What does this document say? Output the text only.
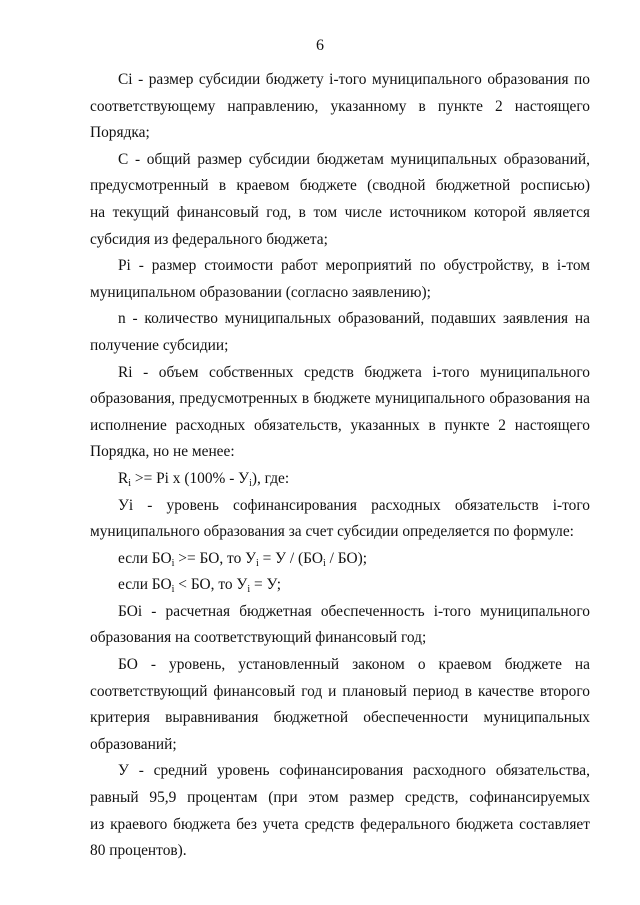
6
Ci - размер субсидии бюджету i-того муниципального образования по
соответствующему направлению, указанному в пункте 2 настоящего
Порядка;
С - общий размер субсидии бюджетам муниципальных образований,
предусмотренный в краевом бюджете (сводной бюджетной росписью)
на текущий финансовый год, в том числе источником которой является
субсидия из федерального бюджета;
Pi - размер стоимости работ мероприятий по обустройству, в i-том
муниципальном образовании (согласно заявлению);
n - количество муниципальных образований, подавших заявления на
получение субсидии;
Ri - объем собственных средств бюджета i-того муниципального
образования, предусмотренных в бюджете муниципального образования на
исполнение расходных обязательств, указанных в пункте 2 настоящего
Порядка, но не менее:
$R_i >= Pi$ x $(100\% - У_i)$, где:
Уi - уровень софинансирования расходных обязательств i-того
муниципального образования за счет субсидии определяется по формуле:
если $БО_i$ >= БО, то $У_i = У / (БО_i / БО)$;
если $БО_i$ < БО, то $У_i = У$;
БОi - расчетная бюджетная обеспеченность i-того муниципального
образования на соответствующий финансовый год;
БО - уровень, установленный законом о краевом бюджете на
соответствующий финансовый год и плановый период в качестве второго
критерия выравнивания бюджетной обеспеченности муниципальных
образований;
У - средний уровень софинансирования расходного обязательства,
равный 95,9 процентам (при этом размер средств, софинансируемых
из краевого бюджета без учета средств федерального бюджета составляет
80 процентов).
